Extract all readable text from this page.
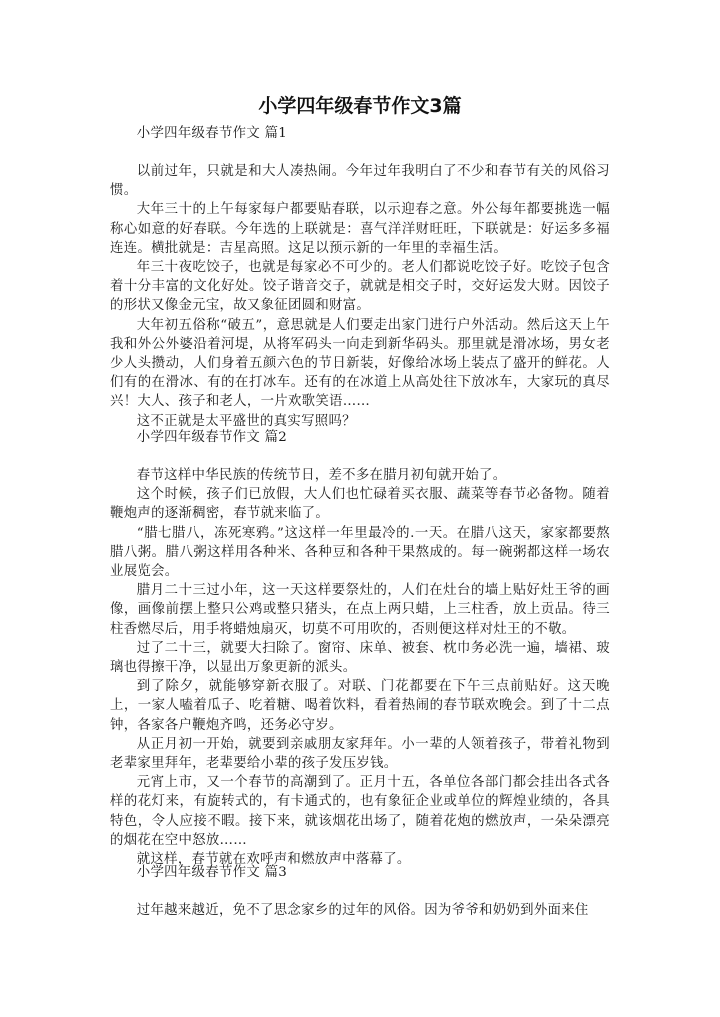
小学四年级春节作文3篇

小学四年级春节作文 篇1

以前过年，只就是和大人凑热闹。今年过年我明白了不少和春节有关的风俗习惯。

大年三十的上午每家每户都要贴春联，以示迎春之意。外公每年都要挑选一幅称心如意的好春联。今年选的上联就是：喜气洋洋财旺旺，下联就是：好运多多福连连。横批就是：吉星高照。这足以预示新的一年里的幸福生活。

年三十夜吃饺子，也就是每家必不可少的。老人们都说吃饺子好。吃饺子包含着十分丰富的文化好处。饺子谐音交子，就就是相交子时，交好运发大财。因饺子的形状又像金元宝，故又象征团圆和财富。

大年初五俗称“破五”，意思就是人们要走出家门进行户外活动。然后这天上午我和外公外婆沿着河堤，从将军码头一向走到新华码头。那里就是滑冰场，男女老少人头攒动，人们身着五颜六色的节日新装，好像给冰场上装点了盛开的鲜花。人们有的在滑冰、有的在打冰车。还有的在冰道上从高处往下放冰车，大家玩的真尽兴！大人、孩子和老人，一片欢歌笑语……

这不正就是太平盛世的真实写照吗？

小学四年级春节作文 篇2

春节这样中华民族的传统节日，差不多在腊月初旬就开始了。

这个时候，孩子们已放假，大人们也忙碌着买衣服、蔬菜等春节必备物。随着鞭炮声的逐渐稠密，春节就来临了。

“腊七腊八，冻死寒鸦。”这这样一年里最冷的.一天。在腊八这天，家家都要熬腊八粥。腊八粥这样用各种米、各种豆和各种干果熬成的。每一碗粥都这样一场农业展览会。

腊月二十三过小年，这一天这样要祭灶的，人们在灶台的墙上贴好灶王爷的画像，画像前摆上整只公鸡或整只猪头，在点上两只蜡，上三柱香，放上贡品。待三柱香燃尽后，用手将蜡烛扇灭，切莫不可用吹的，否则便这样对灶王的不敬。

过了二十三，就要大扫除了。窗帘、床单、被套、枕巾务必洗一遍，墙裙、玻璃也得擦干净，以显出万象更新的派头。

到了除夕，就能够穿新衣服了。对联、门花都要在下午三点前贴好。这天晚上，一家人嗑着瓜子、吃着糖、喝着饮料，看着热闹的春节联欢晚会。到了十二点钟，各家各户鞭炮齐鸣，还务必守岁。

从正月初一开始，就要到亲戚朋友家拜年。小一辈的人领着孩子，带着礼物到老辈家里拜年，老辈要给小辈的孩子发压岁钱。

元宵上市，又一个春节的高潮到了。正月十五，各单位各部门都会挂出各式各样的花灯来，有旋转式的，有卡通式的，也有象征企业或单位的辉煌业绩的，各具特色，令人应接不暇。接下来，就该烟花出场了，随着花炮的燃放声，一朵朵漂亮的烟花在空中怒放……

就这样，春节就在欢呼声和燃放声中落幕了。

小学四年级春节作文 篇3

过年越来越近，免不了思念家乡的过年的风俗。因为爷爷和奶奶到外面来住
